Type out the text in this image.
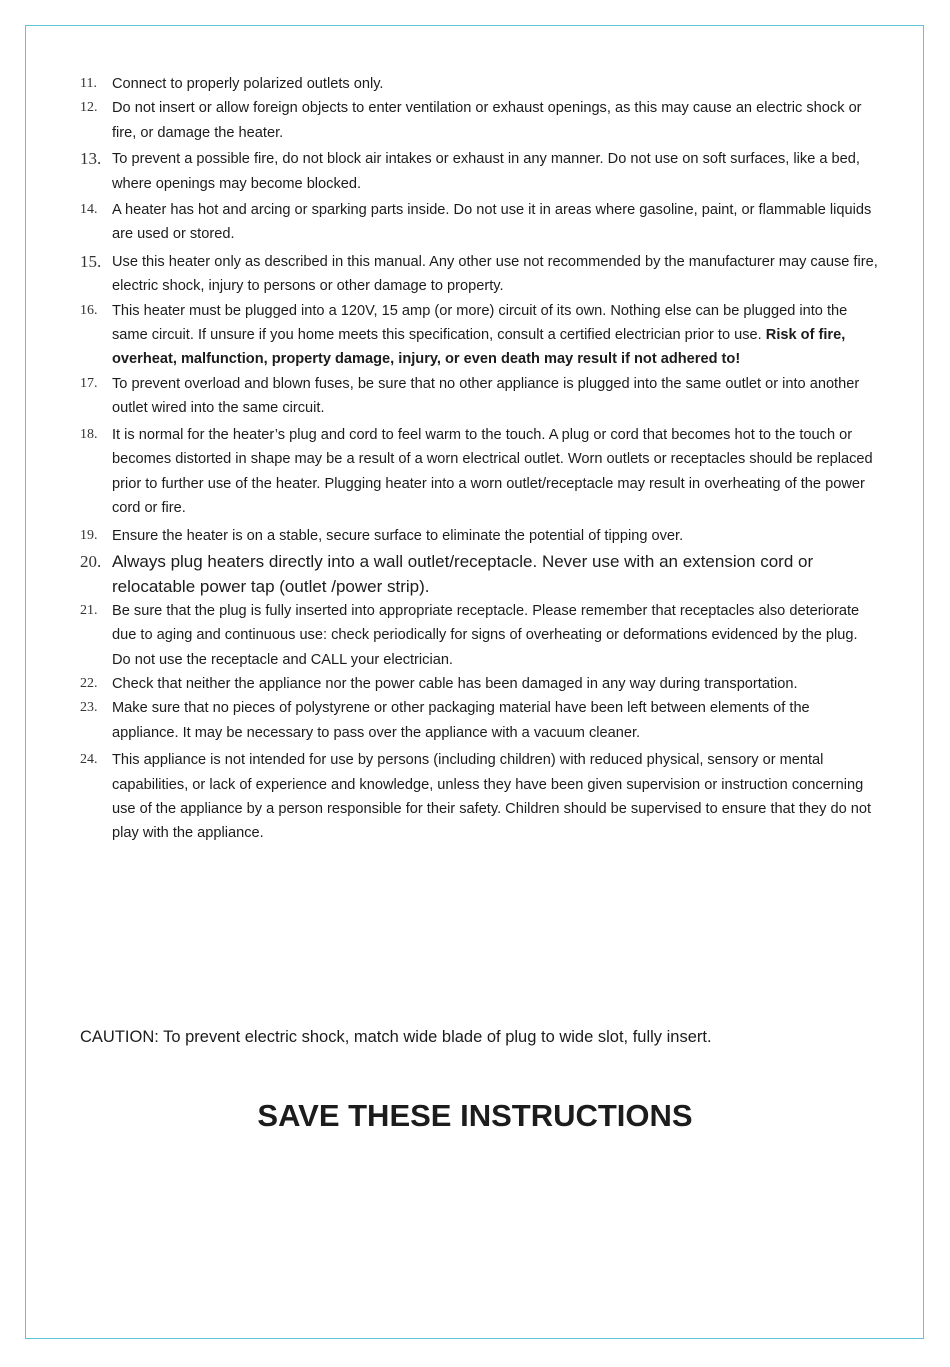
11. Connect to properly polarized outlets only.
12. Do not insert or allow foreign objects to enter ventilation or exhaust openings, as this may cause an electric shock or fire, or damage the heater.
13. To prevent a possible fire, do not block air intakes or exhaust in any manner. Do not use on soft surfaces, like a bed, where openings may become blocked.
14. A heater has hot and arcing or sparking parts inside. Do not use it in areas where gasoline, paint, or flammable liquids are used or stored.
15. Use this heater only as described in this manual. Any other use not recommended by the manufacturer may cause fire, electric shock, injury to persons or other damage to property.
16. This heater must be plugged into a 120V, 15 amp (or more) circuit of its own. Nothing else can be plugged into the same circuit. If unsure if you home meets this specification, consult a certified electrician prior to use. Risk of fire, overheat, malfunction, property damage, injury, or even death may result if not adhered to!
17. To prevent overload and blown fuses, be sure that no other appliance is plugged into the same outlet or into another outlet wired into the same circuit.
18. It is normal for the heater’s plug and cord to feel warm to the touch. A plug or cord that becomes hot to the touch or becomes distorted in shape may be a result of a worn electrical outlet. Worn outlets or receptacles should be replaced prior to further use of the heater. Plugging heater into a worn outlet/receptacle may result in overheating of the power cord or fire.
19. Ensure the heater is on a stable, secure surface to eliminate the potential of tipping over.
20. Always plug heaters directly into a wall outlet/receptacle. Never use with an extension cord or relocatable power tap (outlet /power strip).
21. Be sure that the plug is fully inserted into appropriate receptacle. Please remember that receptacles also deteriorate due to aging and continuous use: check periodically for signs of overheating or deformations evidenced by the plug. Do not use the receptacle and CALL your electrician.
22. Check that neither the appliance nor the power cable has been damaged in any way during transportation.
23. Make sure that no pieces of polystyrene or other packaging material have been left between elements of the appliance. It may be necessary to pass over the appliance with a vacuum cleaner.
24. This appliance is not intended for use by persons (including children) with reduced physical, sensory or mental capabilities, or lack of experience and knowledge, unless they have been given supervision or instruction concerning use of the appliance by a person responsible for their safety. Children should be supervised to ensure that they do not play with the appliance.
CAUTION: To prevent electric shock, match wide blade of plug to wide slot, fully insert.
SAVE THESE INSTRUCTIONS
